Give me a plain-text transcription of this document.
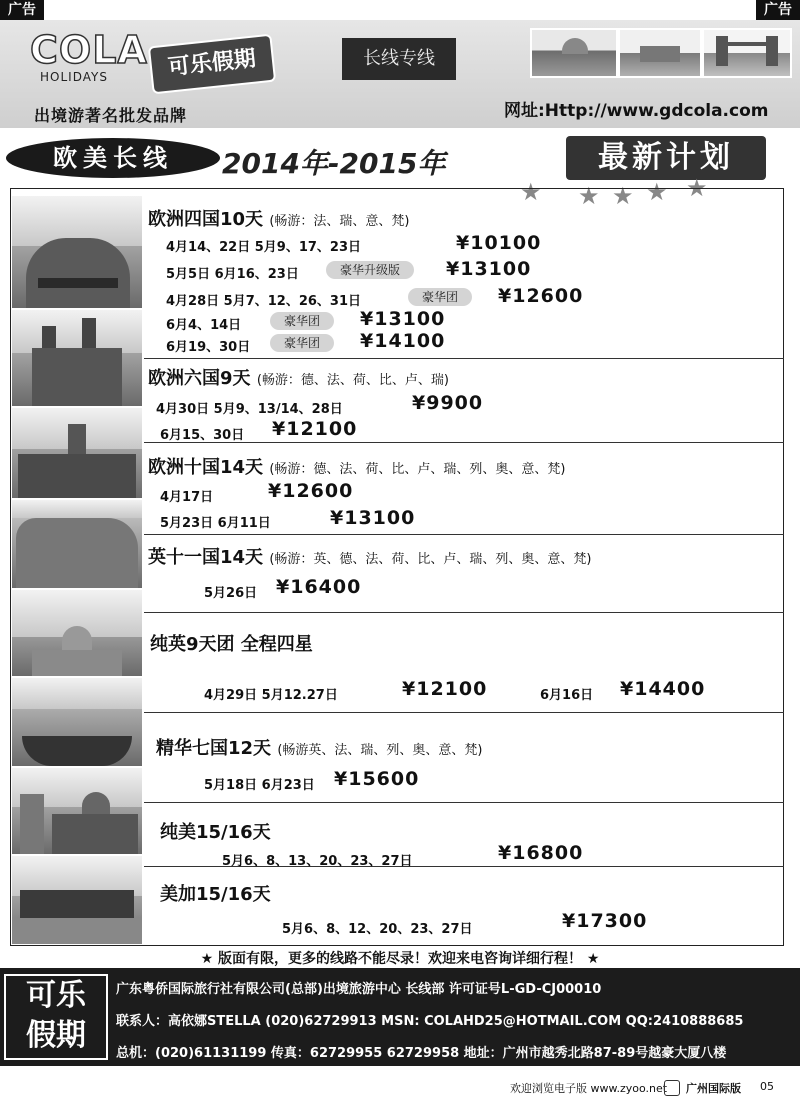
广告	广告
COLA
HOLIDAYS	可乐假期
出境游著名批发品牌
长线专线
网址:Http://www.gdcola.com
欧美长线	2014年-2015年	最新计划
★ ★ ★ ★ ★
欧洲四国10天 (畅游：法、瑞、意、梵)
4月14、22日 5月9、17、23日	¥10100
5月5日 6月16、23日	豪华升级版	¥13100
4月28日 5月7、12、26、31日	豪华团	¥12600
6月4、14日	豪华团	¥13100
6月19、30日	豪华团	¥14100
欧洲六国9天 (畅游：德、法、荷、比、卢、瑞)
4月30日 5月9、13/14、28日	¥9900
6月15、30日 ¥12100
欧洲十国14天 (畅游：德、法、荷、比、卢、瑞、列、奥、意、梵)
4月17日	¥12600
5月23日 6月11日	¥13100
英十一国14天 (畅游：英、德、法、荷、比、卢、瑞、列、奥、意、梵)
5月26日 ¥16400
纯英9天团 全程四星
4月29日 5月12.27日	¥12100	6月16日 ¥14400
精华七国12天 (畅游英、法、瑞、列、奥、意、梵)
5月18日 6月23日 ¥15600
纯美15/16天
5月6、8、13、20、23、27日	¥16800
美加15/16天
5月6、8、12、20、23、27日	¥17300
★ 版面有限，更多的线路不能尽录！欢迎来电咨询详细行程！ ★
可乐
假期
广东粤侨国际旅行社有限公司(总部)出境旅游中心 长线部 许可证号L-GD-CJ00010
联系人：高依娜STELLA (020)62729913 MSN: COLAHD25@HOTMAIL.COM QQ:2410888685
总机：(020)61131199 传真：62729955 62729958 地址：广州市越秀北路87-89号越豪大厦八楼
欢迎浏览电子版 www.zyoo.net 广州国际版 05
